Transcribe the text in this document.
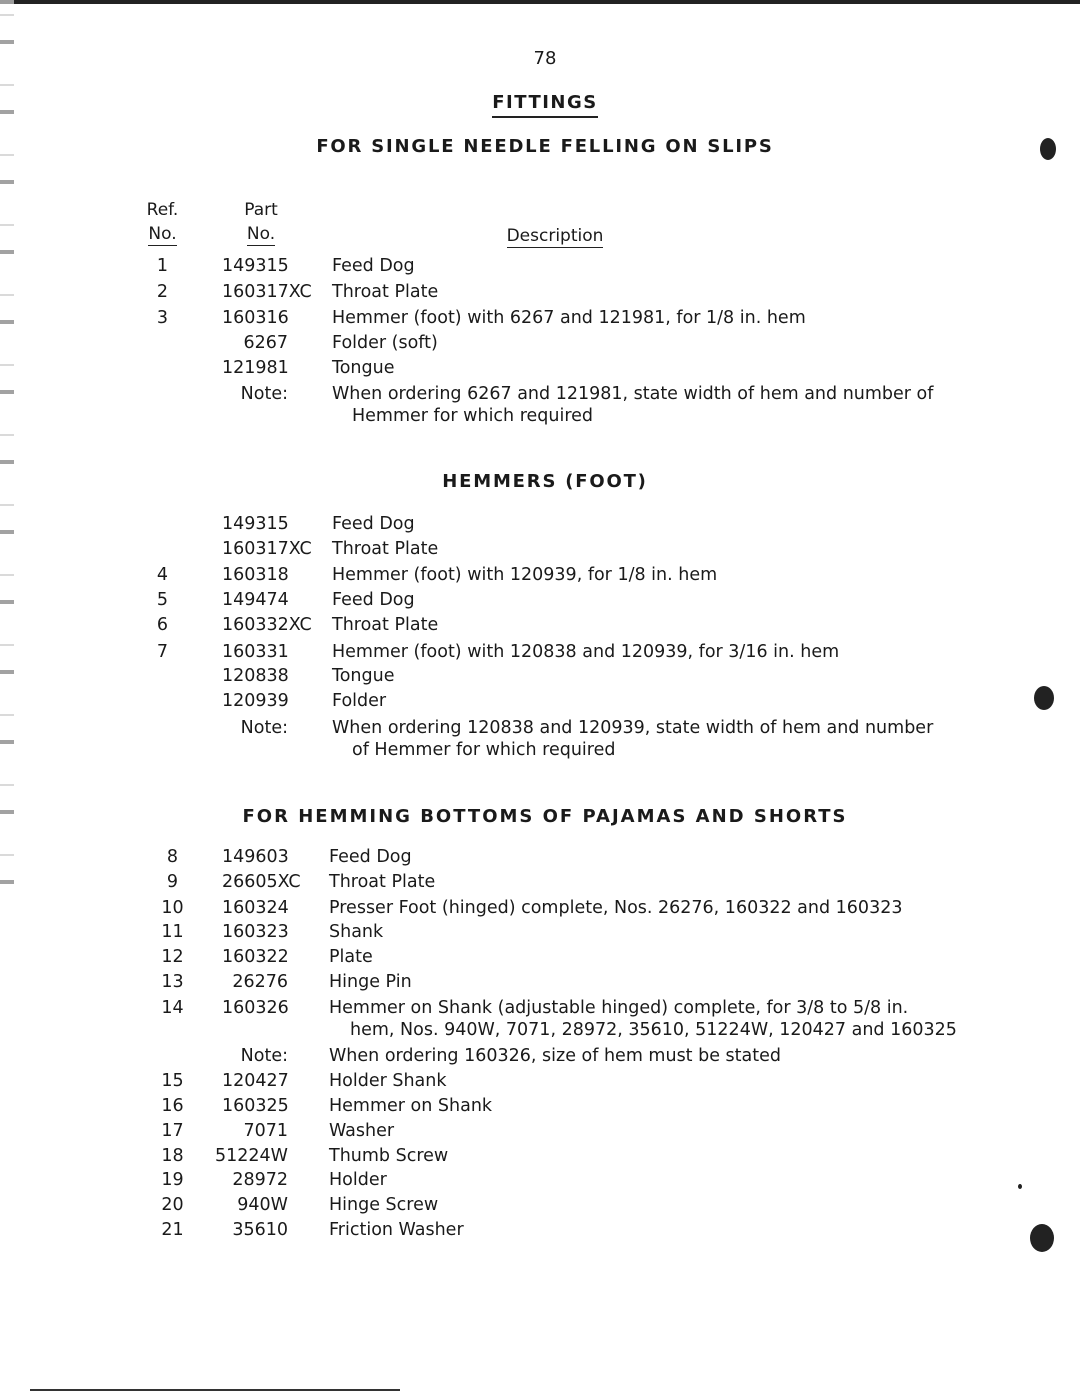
78
FITTINGS
FOR SINGLE NEEDLE FELLING ON SLIPS
Ref.
No.
Part
No.	Description
1	149315	Feed Dog
2	160317XC Throat Plate
3	160316	Hemmer (foot) with 6267 and 121981, for 1/8 in. hem
6267	Folder (soft)
121981	Tongue
Note:	When ordering 6267 and 121981, state width of hem and number of
Hemmer for which required
HEMMERS (FOOT)
149315	Feed Dog
160317XC Throat Plate
4	160318	Hemmer (foot) with 120939, for 1/8 in. hem
5	149474	Feed Dog
6	160332XC Throat Plate
7	160331	Hemmer (foot) with 120838 and 120939, for 3/16 in. hem
120838	Tongue
120939	Folder
Note:	When ordering 120838 and 120939, state width of hem and number
of Hemmer for which required
FOR HEMMING BOTTOMS OF PAJAMAS AND SHORTS
8	149603	Feed Dog
9	26605XC	Throat Plate
10	160324	Presser Foot (hinged) complete, Nos. 26276, 160322 and 160323
11	160323	Shank
12	160322	Plate
13	26276	Hinge Pin
14	160326	Hemmer on Shank (adjustable hinged) complete, for 3/8 to 5/8 in.
hem, Nos. 940W, 7071, 28972, 35610, 51224W, 120427 and 160325
Note:	When ordering 160326, size of hem must be stated
15	120427	Holder Shank
16	160325	Hemmer on Shank
17	7071	Washer
18	51224W	Thumb Screw
19	28972	Holder
20	940W	Hinge Screw
21	35610	Friction Washer
